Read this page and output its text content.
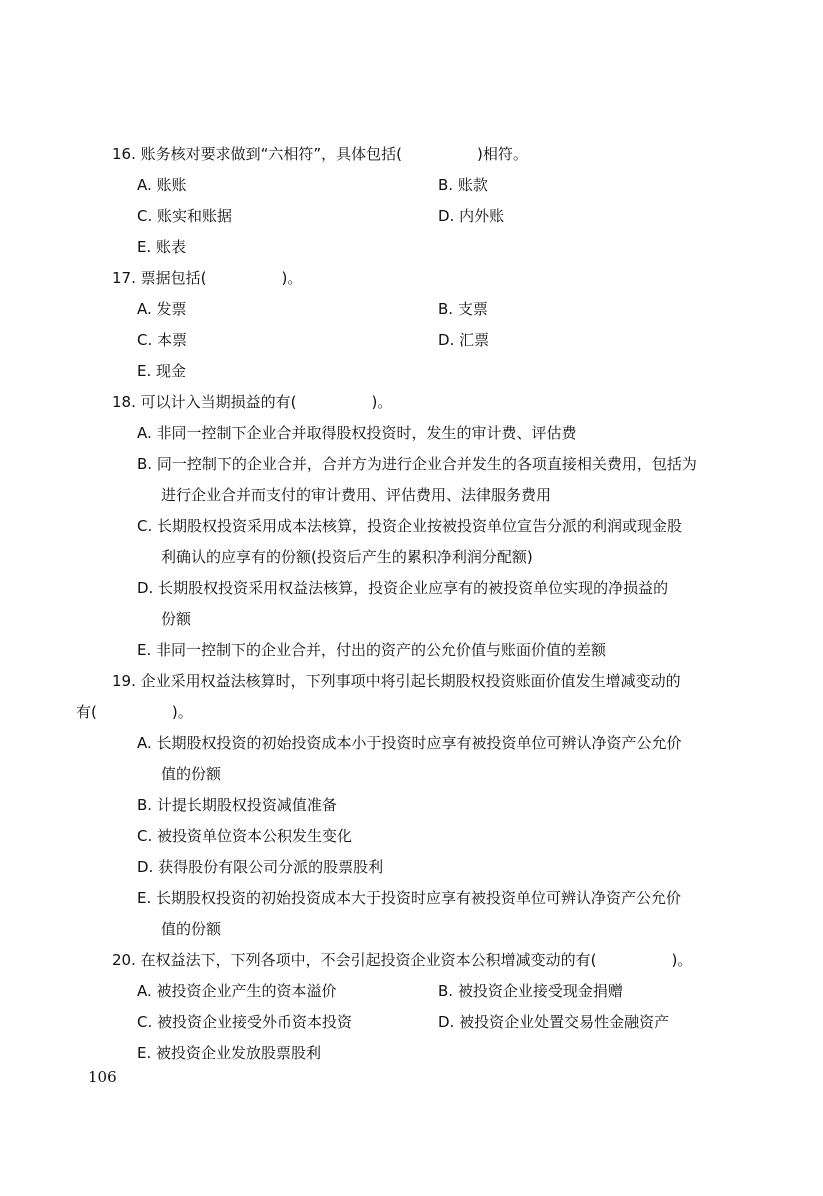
16. 账务核对要求做到“六相符”，具体包括(　　　　　)相符。
A. 账账	B. 账款
C. 账实和账据	D. 内外账
E. 账表
17. 票据包括(　　　　　)。
A. 发票	B. 支票
C. 本票	D. 汇票
E. 现金
18. 可以计入当期损益的有(　　　　　)。
A. 非同一控制下企业合并取得股权投资时，发生的审计费、评估费
B. 同一控制下的企业合并，合并方为进行企业合并发生的各项直接相关费用，包括为
进行企业合并而支付的审计费用、评估费用、法律服务费用
C. 长期股权投资采用成本法核算，投资企业按被投资单位宣告分派的利润或现金股
利确认的应享有的份额(投资后产生的累积净利润分配额)
D. 长期股权投资采用权益法核算，投资企业应享有的被投资单位实现的净损益的
份额
E. 非同一控制下的企业合并，付出的资产的公允价值与账面价值的差额
19. 企业采用权益法核算时，下列事项中将引起长期股权投资账面价值发生增减变动的
有(　　　　　)。
A. 长期股权投资的初始投资成本小于投资时应享有被投资单位可辨认净资产公允价
值的份额
B. 计提长期股权投资减值准备
C. 被投资单位资本公积发生变化
D. 获得股份有限公司分派的股票股利
E. 长期股权投资的初始投资成本大于投资时应享有被投资单位可辨认净资产公允价
值的份额
20. 在权益法下，下列各项中，不会引起投资企业资本公积增减变动的有(　　　　　)。
A. 被投资企业产生的资本溢价	B. 被投资企业接受现金捐赠
C. 被投资企业接受外币资本投资	D. 被投资企业处置交易性金融资产
E. 被投资企业发放股票股利
106
